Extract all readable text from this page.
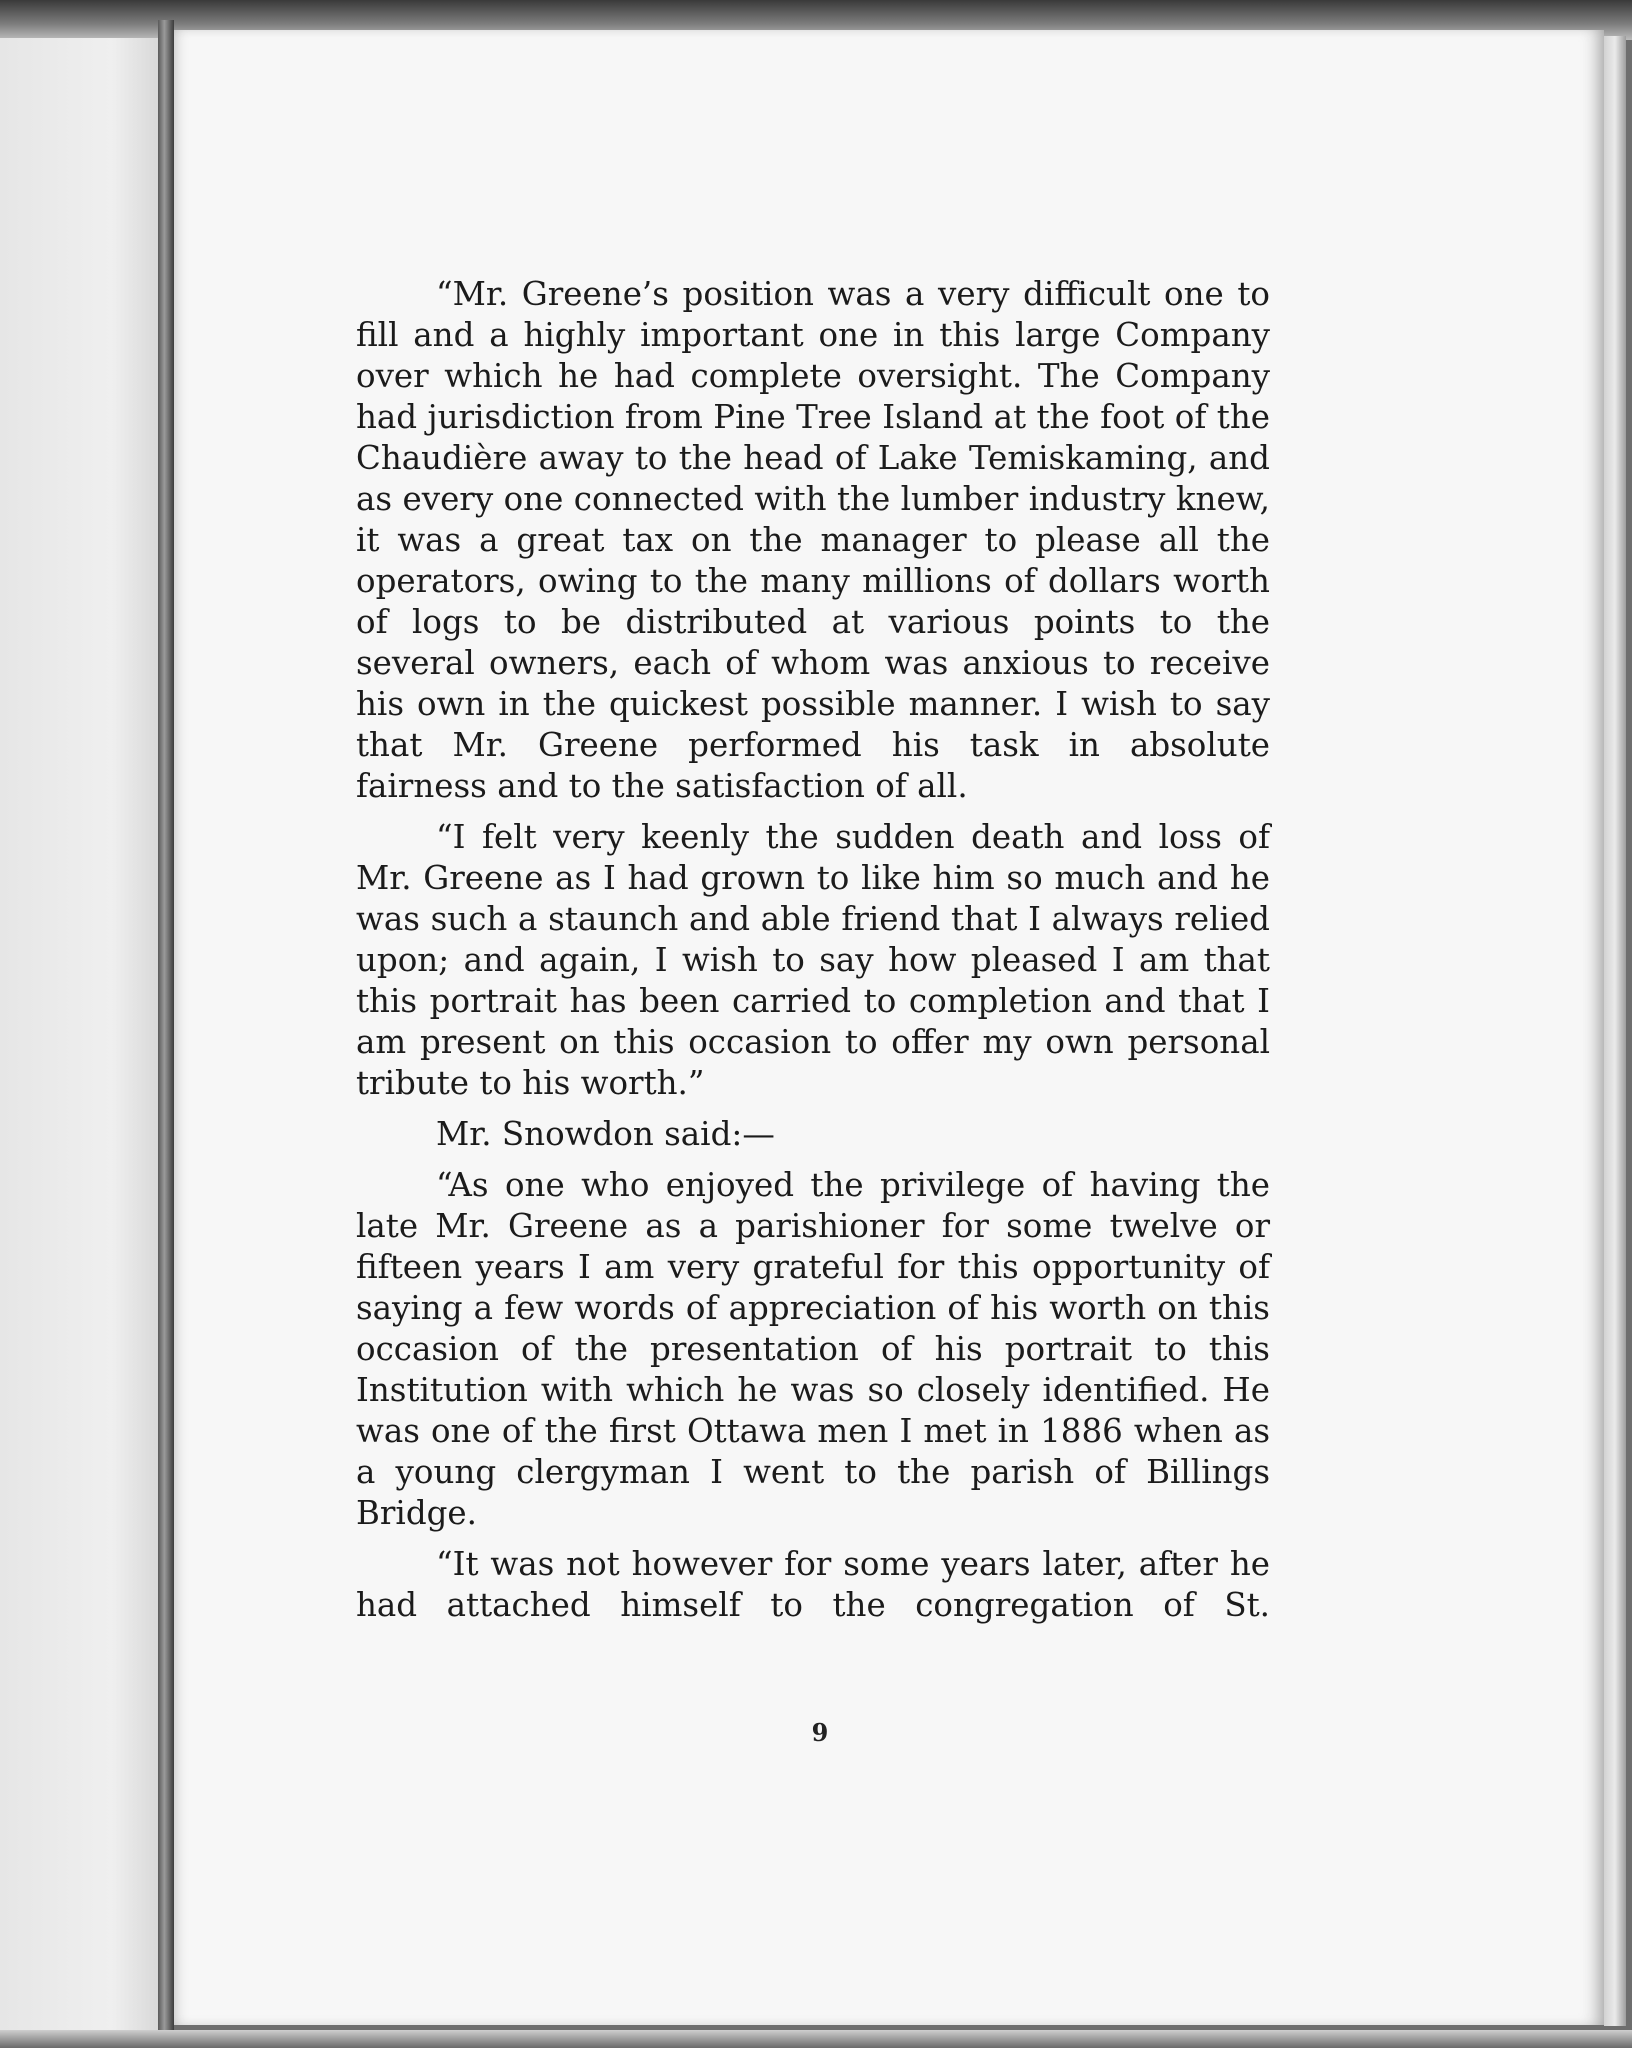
“Mr. Greene’s position was a very difficult one to fill and a highly important one in this large Company over which he had complete oversight. The Company had jurisdiction from Pine Tree Island at the foot of the Chaudière away to the head of Lake Temiskaming, and as every one connected with the lumber industry knew, it was a great tax on the manager to please all the operators, owing to the many millions of dollars worth of logs to be distributed at various points to the several owners, each of whom was anxious to receive his own in the quickest possible manner. I wish to say that Mr. Greene performed his task in absolute fairness and to the satisfaction of all.

“I felt very keenly the sudden death and loss of Mr. Greene as I had grown to like him so much and he was such a staunch and able friend that I always relied upon; and again, I wish to say how pleased I am that this portrait has been carried to completion and that I am present on this occasion to offer my own personal tribute to his worth.”

Mr. Snowdon said:—

“As one who enjoyed the privilege of having the late Mr. Greene as a parishioner for some twelve or fifteen years I am very grateful for this opportunity of saying a few words of appreciation of his worth on this occasion of the presentation of his portrait to this Institution with which he was so closely identified. He was one of the first Ottawa men I met in 1886 when as a young clergyman I went to the parish of Billings Bridge.

“It was not however for some years later, after he had attached himself to the congregation of St.

9
